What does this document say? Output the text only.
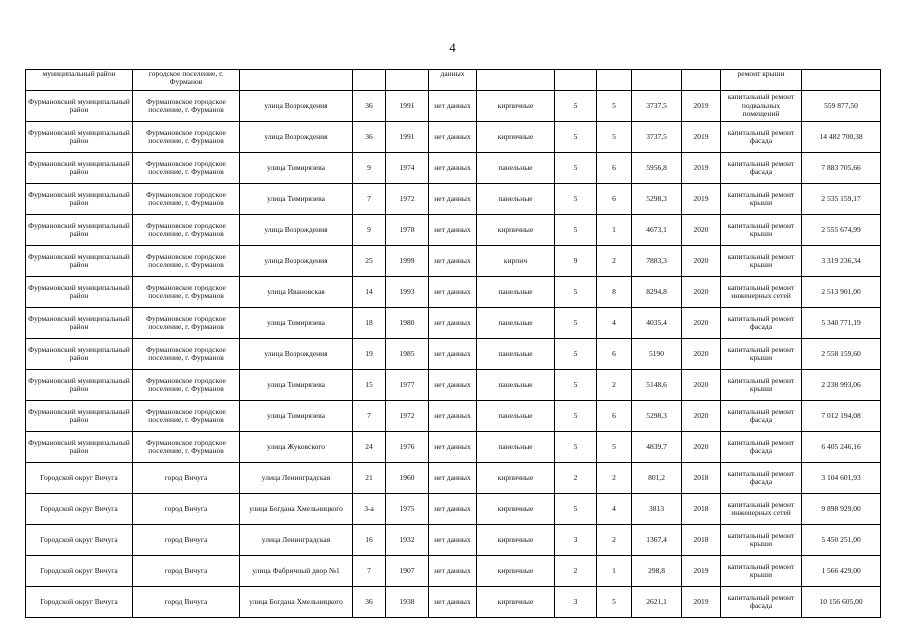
4
муниципальный район	городское поселение, г. Фурманов				данных						ремонт крыши	
Фурмановский муниципальный район	Фурмановское городское поселение, г. Фурманов	улица Возрождения	36	1991	нет данных	кирпичные	5	5	3737,5	2019	капитальный ремонт подвальных помещений	559 877,50
Фурмановский муниципальный район	Фурмановское городское поселение, г. Фурманов	улица Возрождения	36	1991	нет данных	кирпичные	5	5	3737,5	2019	капитальный ремонт фасада	14 482 700,38
Фурмановский муниципальный район	Фурмановское городское поселение, г. Фурманов	улица Тимирязева	9	1974	нет данных	панельные	5	6	5956,8	2019	капитальный ремонт фасада	7 883 705,66
Фурмановский муниципальный район	Фурмановское городское поселение, г. Фурманов	улица Тимирязева	7	1972	нет данных	панельные	5	6	5298,3	2019	капитальный ремонт крыши	2 535 159,17
Фурмановский муниципальный район	Фурмановское городское поселение, г. Фурманов	улица Возрождения	9	1978	нет данных	кирпичные	5	1	4673,1	2020	капитальный ремонт крыши	2 555 674,99
Фурмановский муниципальный район	Фурмановское городское поселение, г. Фурманов	улица Возрождения	25	1999	нет данных	кирпич	9	2	7883,3	2020	капитальный ремонт крыши	3 319 236,34
Фурмановский муниципальный район	Фурмановское городское поселение, г. Фурманов	улица Ивановская	14	1993	нет данных	панельные	5	8	8294,8	2020	капитальный ремонт инженерных сетей	2 513 901,00
Фурмановский муниципальный район	Фурмановское городское поселение, г. Фурманов	улица Тимирязева	18	1980	нет данных	панельные	5	4	4035,4	2020	капитальный ремонт фасада	5 340 771,19
Фурмановский муниципальный район	Фурмановское городское поселение, г. Фурманов	улица Возрождения	19	1985	нет данных	панельные	5	6	5190	2020	капитальный ремонт крыши	2 558 159,60
Фурмановский муниципальный район	Фурмановское городское поселение, г. Фурманов	улица Тимирязева	15	1977	нет данных	панельные	5	2	5148,6	2020	капитальный ремонт крыши	2 238 993,06
Фурмановский муниципальный район	Фурмановское городское поселение, г. Фурманов	улица Тимирязева	7	1972	нет данных	панельные	5	6	5298,3	2020	капитальный ремонт фасада	7 012 194,08
Фурмановский муниципальный район	Фурмановское городское поселение, г. Фурманов	улица Жуковского	24	1976	нет данных	панельные	5	5	4839,7	2020	капитальный ремонт фасада	6 405 246,16
Городской округ Вичуга	город Вичуга	улица Ленинградская	21	1960	нет данных	кирпичные	2	2	801,2	2018	капитальный ремонт фасада	3 104 601,93
Городской округ Вичуга	город Вичуга	улица Богдана Хмельницкого	3-а	1975	нет данных	кирпичные	5	4	3813	2018	капитальный ремонт инженерных сетей	9 898 929,00
Городской округ Вичуга	город Вичуга	улица Ленинградская	16	1932	нет данных	кирпичные	3	2	1367,4	2018	капитальный ремонт крыши	5 450 251,00
Городской округ Вичуга	город Вичуга	улица Фабричный двор №1	7	1907	нет данных	кирпичные	2	1	298,8	2019	капитальный ремонт крыши	1 566 429,00
Городской округ Вичуга	город Вичуга	улица Богдана Хмельницкого	36	1938	нет данных	кирпичные	3	5	2621,1	2019	капитальный ремонт фасада	10 156 605,00
